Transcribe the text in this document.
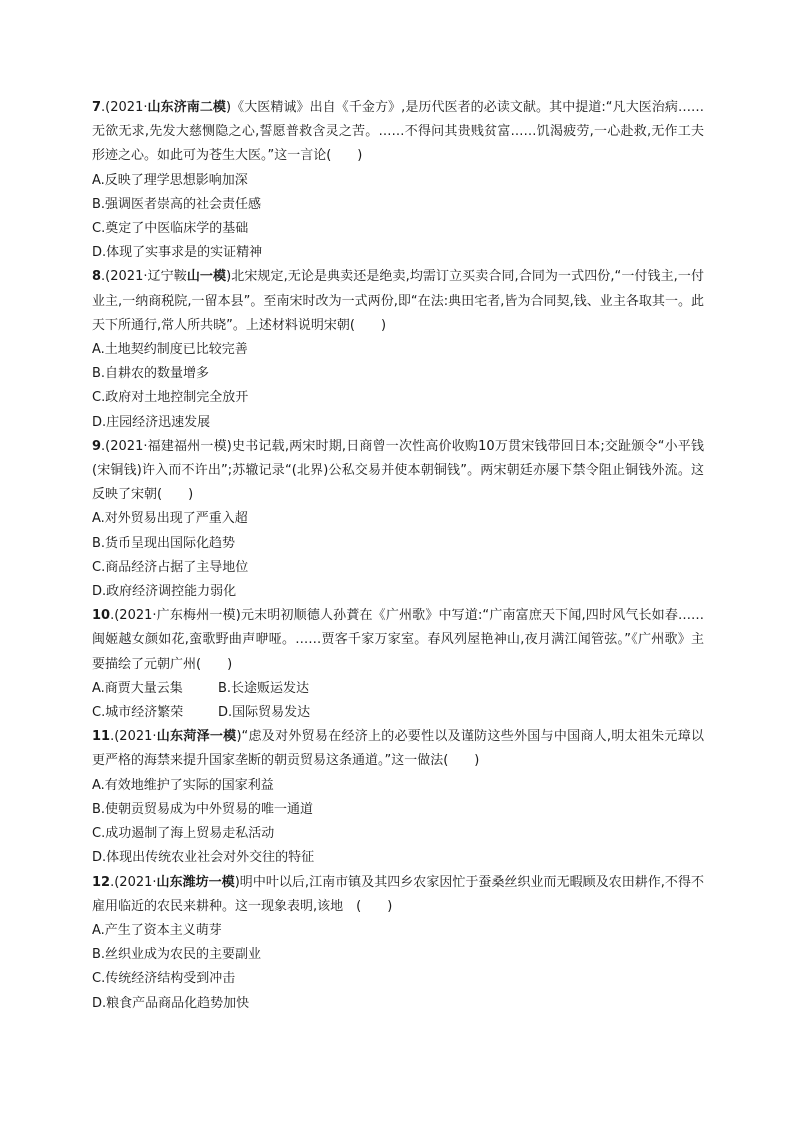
7.(2021·山东济南二模)《大医精诚》出自《千金方》,是历代医者的必读文献。其中提道:“凡大医治病……无欲无求,先发大慈恻隐之心,誓愿普救含灵之苦。……不得问其贵贱贫富……饥渴疲劳,一心赴救,无作工夫形迹之心。如此可为苍生大医。”这一言论(　　)
A.反映了理学思想影响加深
B.强调医者崇高的社会责任感
C.奠定了中医临床学的基础
D.体现了实事求是的实证精神
8.(2021·辽宁鞍山一模)北宋规定,无论是典卖还是绝卖,均需订立买卖合同,合同为一式四份,“一付钱主,一付业主,一纳商税院,一留本县”。至南宋时改为一式两份,即“在法:典田宅者,皆为合同契,钱、业主各取其一。此天下所通行,常人所共晓”。上述材料说明宋朝(　　)
A.土地契约制度已比较完善
B.自耕农的数量增多
C.政府对土地控制完全放开
D.庄园经济迅速发展
9.(2021·福建福州一模)史书记载,两宋时期,日商曾一次性高价收购10万贯宋钱带回日本;交趾颁令“小平钱(宋铜钱)许入而不许出”;苏辙记录“(北界)公私交易并使本朝铜钱”。两宋朝廷亦屡下禁令阻止铜钱外流。这反映了宋朝(　　)
A.对外贸易出现了严重入超
B.货币呈现出国际化趋势
C.商品经济占据了主导地位
D.政府经济调控能力弱化
10.(2021·广东梅州一模)元末明初顺德人孙蕡在《广州歌》中写道:“广南富庶天下闻,四时风气长如春……闽姬越女颜如花,蛮歌野曲声咿哑。……贾客千家万家室。春风列屋艳神山,夜月满江闻管弦。”《广州歌》主要描绘了元朝广州(　　)
A.商贾大量云集	B.长途贩运发达
C.城市经济繁荣	D.国际贸易发达
11.(2021·山东菏泽一模)“虑及对外贸易在经济上的必要性以及谨防这些外国与中国商人,明太祖朱元璋以更严格的海禁来提升国家垄断的朝贡贸易这条通道。”这一做法(　　)
A.有效地维护了实际的国家利益
B.使朝贡贸易成为中外贸易的唯一通道
C.成功遏制了海上贸易走私活动
D.体现出传统农业社会对外交往的特征
12.(2021·山东潍坊一模)明中叶以后,江南市镇及其四乡农家因忙于蚕桑丝织业而无暇顾及农田耕作,不得不雇用临近的农民来耕种。这一现象表明,该地　(　　)
A.产生了资本主义萌芽
B.丝织业成为农民的主要副业
C.传统经济结构受到冲击
D.粮食产品商品化趋势加快
